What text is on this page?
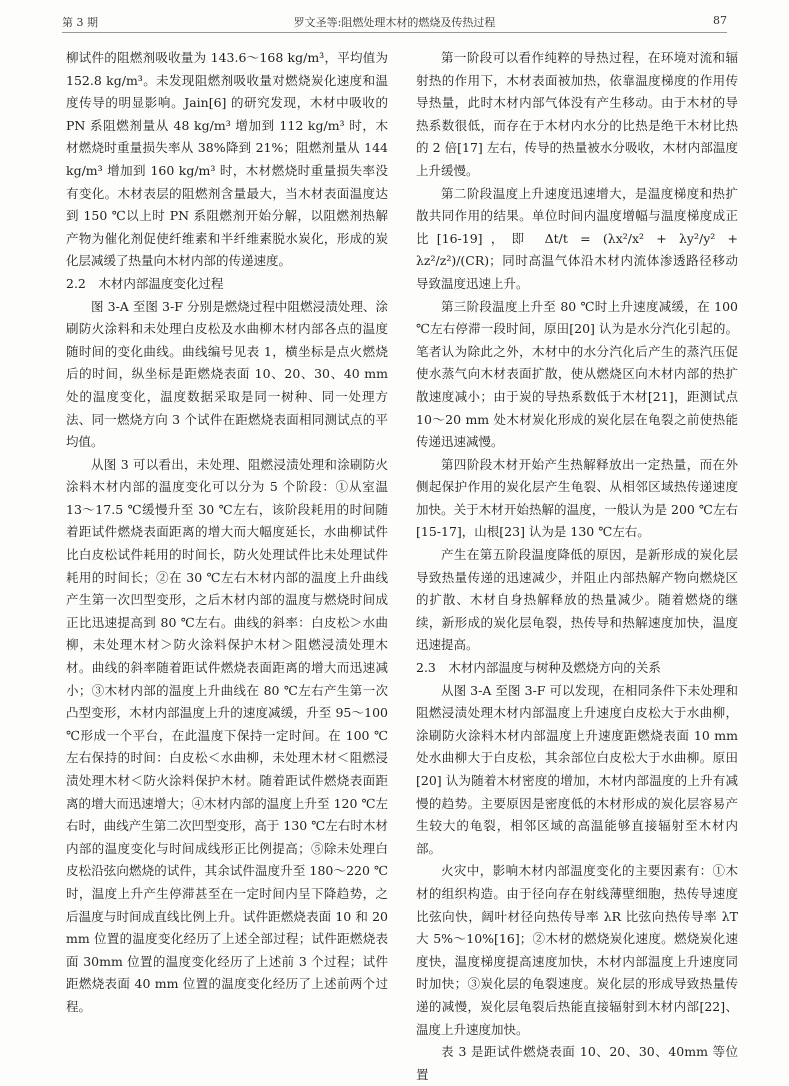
第 3 期	罗文圣等:阻燃处理木材的燃烧及传热过程	87

柳试件的阻燃剂吸收量为 143.6～168 kg/m³，平均值为 152.8 kg/m³。未发现阻燃剂吸收量对燃烧炭化速度和温度传导的明显影响。Jain[6] 的研究发现，木材中吸收的 PN 系阻燃剂量从 48 kg/m³ 增加到 112 kg/m³ 时，木材燃烧时重量损失率从 38%降到 21%；阻燃剂量从 144 kg/m³ 增加到 160 kg/m³ 时，木材燃烧时重量损失率没有变化。木材表层的阻燃剂含量最大，当木材表面温度达到 150 ℃以上时 PN 系阻燃剂开始分解，以阻燃剂热解产物为催化剂促使纤维素和半纤维素脱水炭化，形成的炭化层减缓了热量向木材内部的传递速度。

2.2　木材内部温度变化过程

图 3-A 至图 3-F 分别是燃烧过程中阻燃浸渍处理、涂刷防火涂料和未处理白皮松及水曲柳木材内部各点的温度随时间的变化曲线。曲线编号见表 1，横坐标是点火燃烧后的时间，纵坐标是距燃烧表面 10、20、30、40 mm 处的温度变化，温度数据采取是同一树种、同一处理方法、同一燃烧方向 3 个试件在距燃烧表面相同测试点的平均值。

从图 3 可以看出，未处理、阻燃浸渍处理和涂刷防火涂料木材内部的温度变化可以分为 5 个阶段：①从室温 13～17.5 ℃缓慢升至 30 ℃左右，该阶段耗用的时间随着距试件燃烧表面距离的增大而大幅度延长，水曲柳试件比白皮松试件耗用的时间长，防火处理试件比未处理试件耗用的时间长；②在 30 ℃左右木材内部的温度上升曲线产生第一次凹型变形，之后木材内部的温度与燃烧时间成正比迅速提高到 80 ℃左右。曲线的斜率：白皮松＞水曲柳，未处理木材＞防火涂料保护木材＞阻燃浸渍处理木材。曲线的斜率随着距试件燃烧表面距离的增大而迅速减小；③木材内部的温度上升曲线在 80 ℃左右产生第一次凸型变形，木材内部温度上升的速度减缓，升至 95～100 ℃形成一个平台，在此温度下保持一定时间。在 100 ℃左右保持的时间：白皮松＜水曲柳，未处理木材＜阻燃浸渍处理木材＜防火涂料保护木材。随着距试件燃烧表面距离的增大而迅速增大；④木材内部的温度上升至 120 ℃左右时，曲线产生第二次凹型变形，高于 130 ℃左右时木材内部的温度变化与时间成线形正比例提高；⑤除未处理白皮松沿弦向燃烧的试件，其余试件温度升至 180～220 ℃时，温度上升产生停滞甚至在一定时间内呈下降趋势，之后温度与时间成直线比例上升。试件距燃烧表面 10 和 20 mm 位置的温度变化经历了上述全部过程；试件距燃烧表面 30mm 位置的温度变化经历了上述前 3 个过程；试件距燃烧表面 40 mm 位置的温度变化经历了上述前两个过程。

第一阶段可以看作纯粹的导热过程，在环境对流和辐射热的作用下，木材表面被加热，依靠温度梯度的作用传导热量，此时木材内部气体没有产生移动。由于木材的导热系数很低，而存在于木材内水分的比热是绝干木材比热的 2 倍[17] 左右，传导的热量被水分吸收，木材内部温度上升缓慢。

第二阶段温度上升速度迅速增大，是温度梯度和热扩散共同作用的结果。单位时间内温度增幅与温度梯度成正比[16-19]，即 Δt/t = (λx²/x² + λy²/y² + λz²/z²)/(CR)；同时高温气体沿木材内流体渗透路径移动导致温度迅速上升。

第三阶段温度上升至 80 ℃时上升速度减缓，在 100 ℃左右停滞一段时间，原田[20] 认为是水分汽化引起的。笔者认为除此之外，木材中的水分汽化后产生的蒸汽压促使水蒸气向木材表面扩散，使从燃烧区向木材内部的热扩散速度减小；由于炭的导热系数低于木材[21]，距测试点 10～20 mm 处木材炭化形成的炭化层在龟裂之前使热能传递迅速减慢。

第四阶段木材开始产生热解释放出一定热量，而在外侧起保护作用的炭化层产生龟裂、从相邻区域热传递速度加快。关于木材开始热解的温度，一般认为是 200 ℃左右[15-17]，山根[23] 认为是 130 ℃左右。

产生在第五阶段温度降低的原因，是新形成的炭化层导致热量传递的迅速减少，并阻止内部热解产物向燃烧区的扩散、木材自身热解释放的热量减少。随着燃烧的继续，新形成的炭化层龟裂，热传导和热解速度加快，温度迅速提高。

2.3　木材内部温度与树种及燃烧方向的关系

从图 3-A 至图 3-F 可以发现，在相同条件下未处理和阻燃浸渍处理木材内部温度上升速度白皮松大于水曲柳，涂刷防火涂料木材内部温度上升速度距燃烧表面 10 mm 处水曲柳大于白皮松，其余部位白皮松大于水曲柳。原田[20] 认为随着木材密度的增加，木材内部温度的上升有减慢的趋势。主要原因是密度低的木材形成的炭化层容易产生较大的龟裂，相邻区域的高温能够直接辐射至木材内部。

火灾中，影响木材内部温度变化的主要因素有：①木材的组织构造。由于径向存在射线薄壁细胞，热传导速度比弦向快，阔叶材径向热传导率 λR 比弦向热传导率 λT 大 5%～10%[16]；②木材的燃烧炭化速度。燃烧炭化速度快，温度梯度提高速度加快，木材内部温度上升速度同时加快；③炭化层的龟裂速度。炭化层的形成导致热量传递的减慢，炭化层龟裂后热能直接辐射到木材内部[22]、温度上升速度加快。

表 3 是距试件燃烧表面 10、20、30、40mm 等位置
